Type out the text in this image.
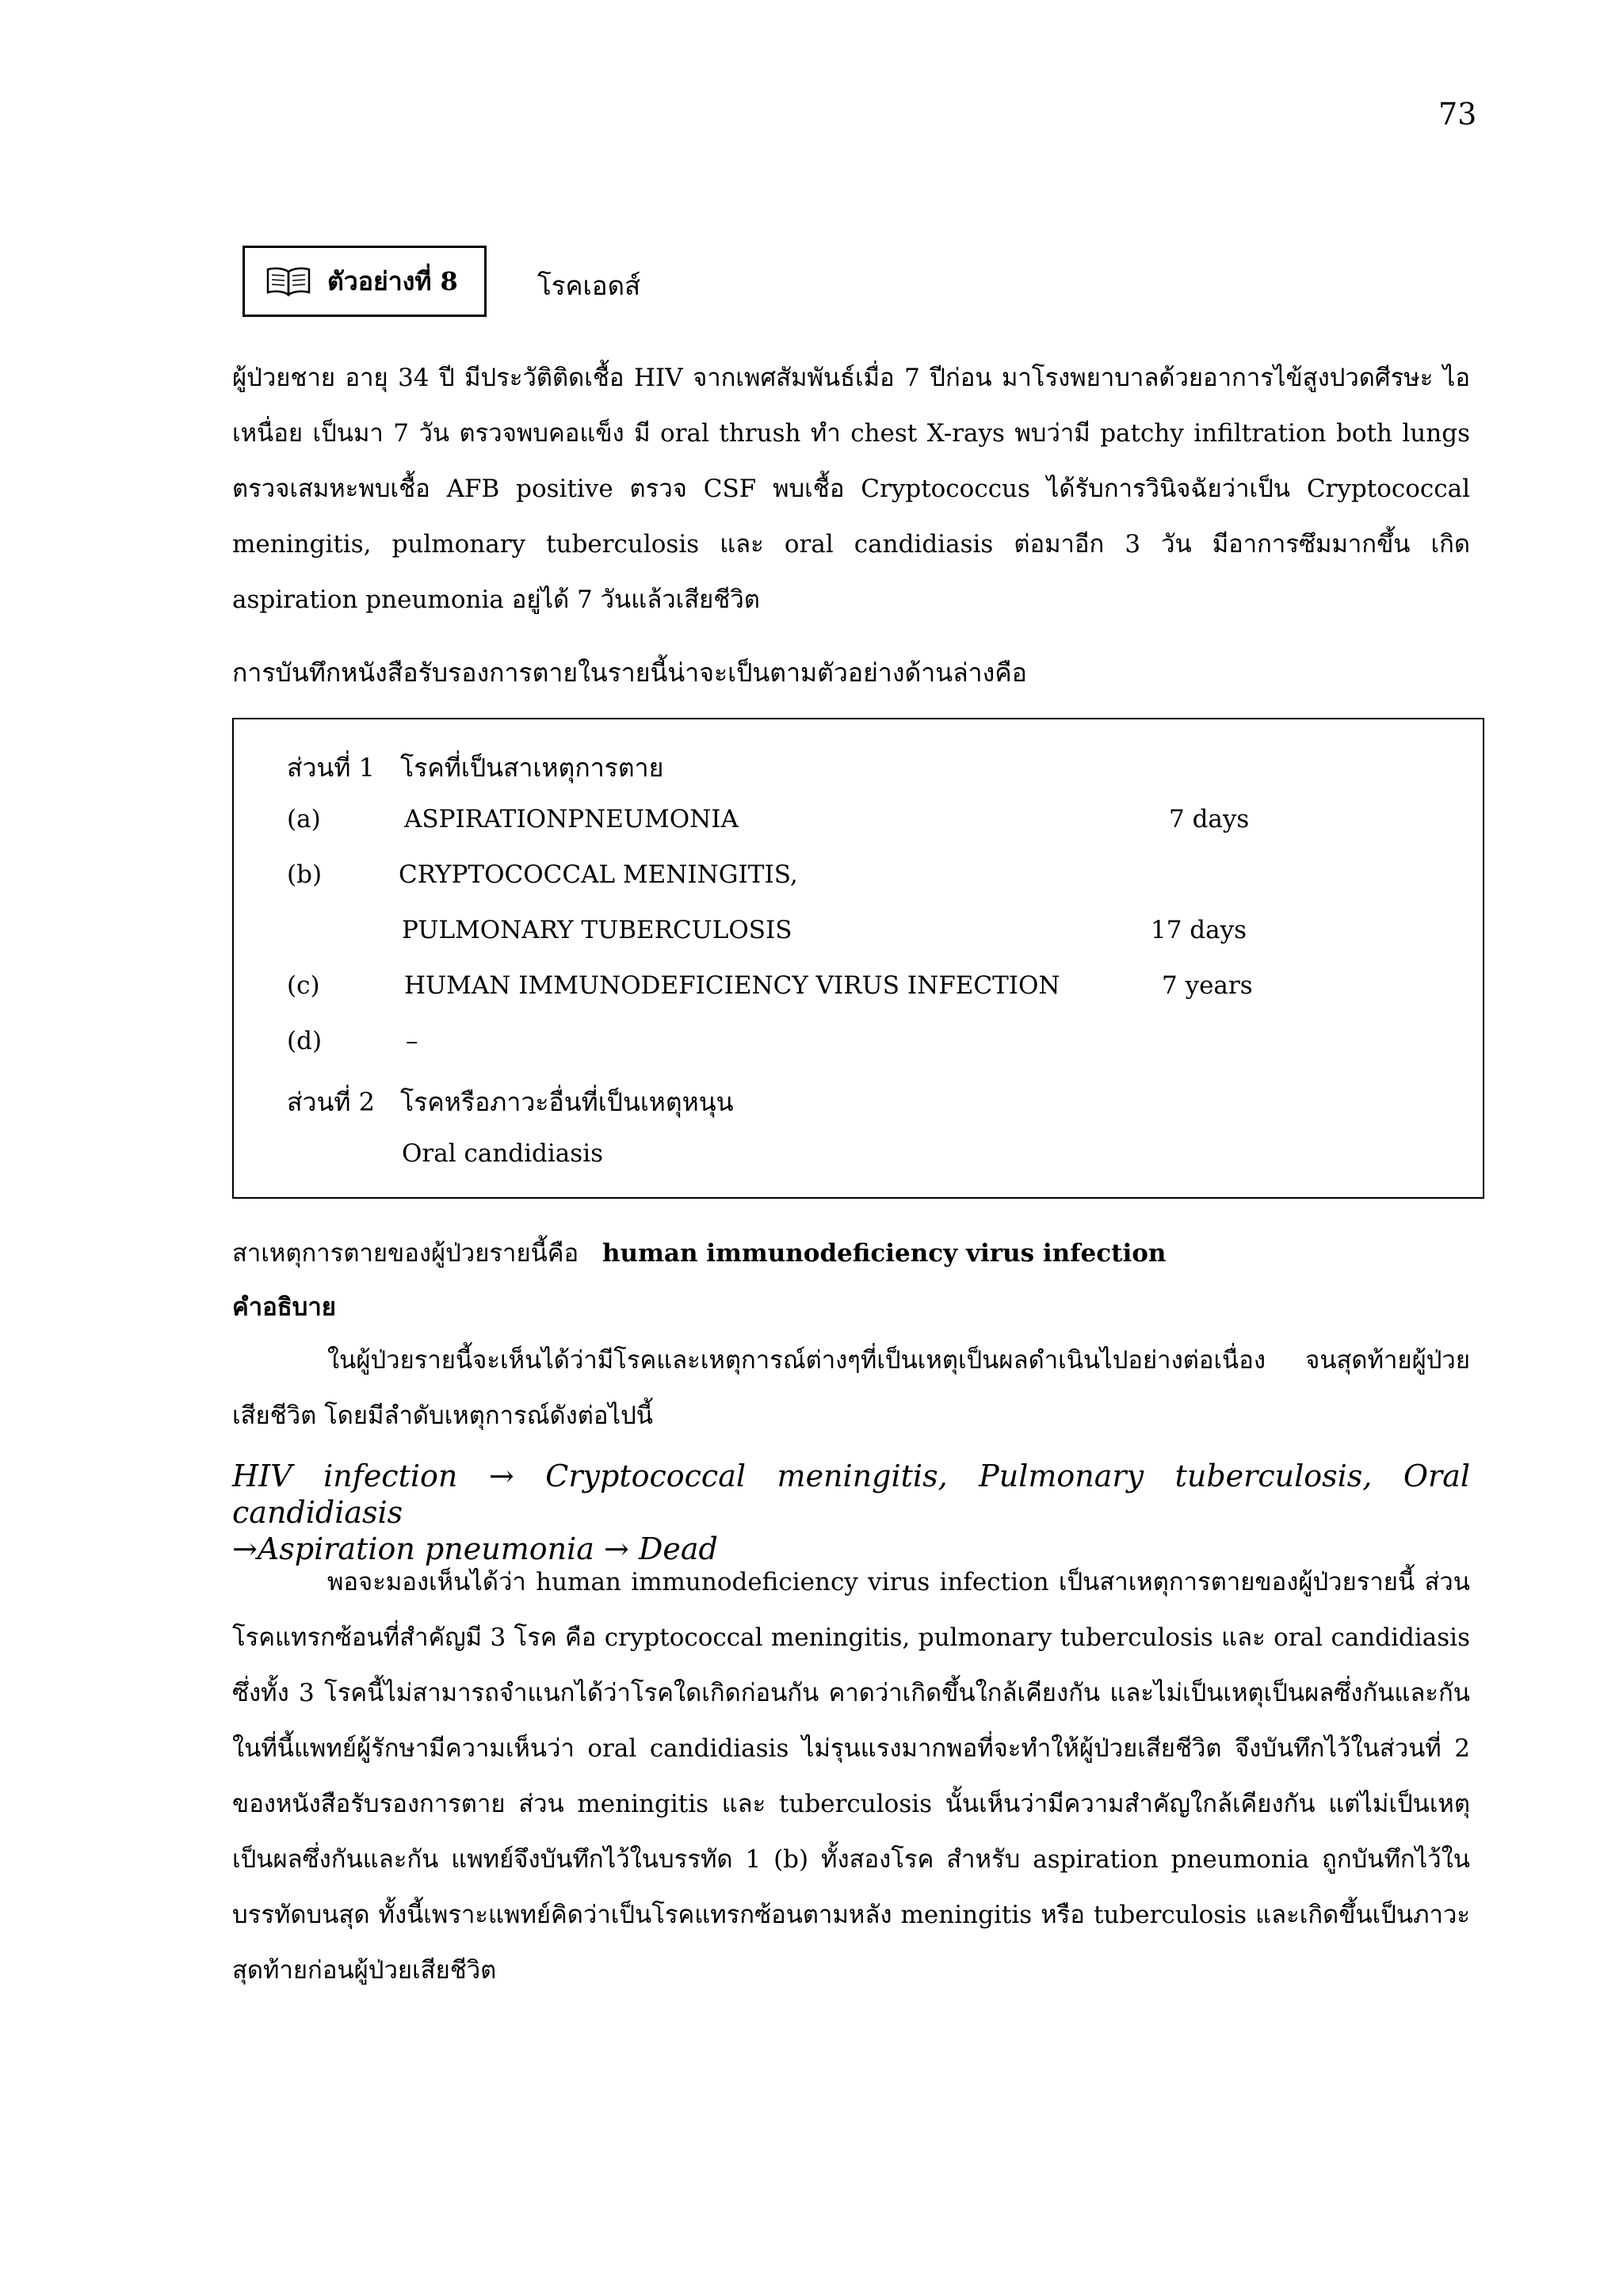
73
ตัวอย่างที่ 8	โรคเอดส์
ผู้ป่วยชาย อายุ 34 ปี มีประวัติติดเชื้อ HIV จากเพศสัมพันธ์เมื่อ 7 ปีก่อน มาโรงพยาบาลด้วยอาการไข้สูงปวดศีรษะ ไอ เหนื่อย เป็นมา 7 วัน ตรวจพบคอแข็ง มี oral thrush ทำ chest X-rays พบว่ามี patchy infiltration both lungs ตรวจเสมหะพบเชื้อ AFB positive ตรวจ CSF พบเชื้อ Cryptococcus ได้รับการวินิจฉัยว่าเป็น Cryptococcal meningitis, pulmonary tuberculosis และ oral candidiasis ต่อมาอีก 3 วัน มีอาการซึมมากขึ้น เกิด aspiration pneumonia อยู่ได้ 7 วันแล้วเสียชีวิต
การบันทึกหนังสือรับรองการตายในรายนี้น่าจะเป็นตามตัวอย่างด้านล่างคือ
ส่วนที่ 1 โรคที่เป็นสาเหตุการตาย
(a)	ASPIRATIONPNEUMONIA	7 days
(b)	CRYPTOCOCCAL MENINGITIS,
PULMONARY TUBERCULOSIS	17 days
(c)	HUMAN IMMUNODEFICIENCY VIRUS INFECTION	7 years
(d)	–
ส่วนที่ 2 โรคหรือภาวะอื่นที่เป็นเหตุหนุน
Oral candidiasis
สาเหตุการตายของผู้ป่วยรายนี้คือ human immunodeficiency virus infection
คำอธิบาย
ในผู้ป่วยรายนี้จะเห็นได้ว่ามีโรคและเหตุการณ์ต่างๆที่เป็นเหตุเป็นผลดำเนินไปอย่างต่อเนื่อง จนสุดท้ายผู้ป่วยเสียชีวิต โดยมีลำดับเหตุการณ์ดังต่อไปนี้
HIV infection → Cryptococcal meningitis, Pulmonary tuberculosis, Oral candidiasis
→Aspiration pneumonia → Dead
พอจะมองเห็นได้ว่า human immunodeficiency virus infection เป็นสาเหตุการตายของผู้ป่วยรายนี้ ส่วนโรคแทรกซ้อนที่สำคัญมี 3 โรค คือ cryptococcal meningitis, pulmonary tuberculosis และ oral candidiasis ซึ่งทั้ง 3 โรคนี้ไม่สามารถจำแนกได้ว่าโรคใดเกิดก่อนกัน คาดว่าเกิดขึ้นใกล้เคียงกัน และไม่เป็นเหตุเป็นผลซึ่งกันและกัน ในที่นี้แพทย์ผู้รักษามีความเห็นว่า oral candidiasis ไม่รุนแรงมากพอที่จะทำให้ผู้ป่วยเสียชีวิต จึงบันทึกไว้ในส่วนที่ 2 ของหนังสือรับรองการตาย ส่วน meningitis และ tuberculosis นั้นเห็นว่ามีความสำคัญใกล้เคียงกัน แต่ไม่เป็นเหตุเป็นผลซึ่งกันและกัน แพทย์จึงบันทึกไว้ในบรรทัด 1 (b) ทั้งสองโรค สำหรับ aspiration pneumonia ถูกบันทึกไว้ในบรรทัดบนสุด ทั้งนี้เพราะแพทย์คิดว่าเป็นโรคแทรกซ้อนตามหลัง meningitis หรือ tuberculosis และเกิดขึ้นเป็นภาวะสุดท้ายก่อนผู้ป่วยเสียชีวิต
